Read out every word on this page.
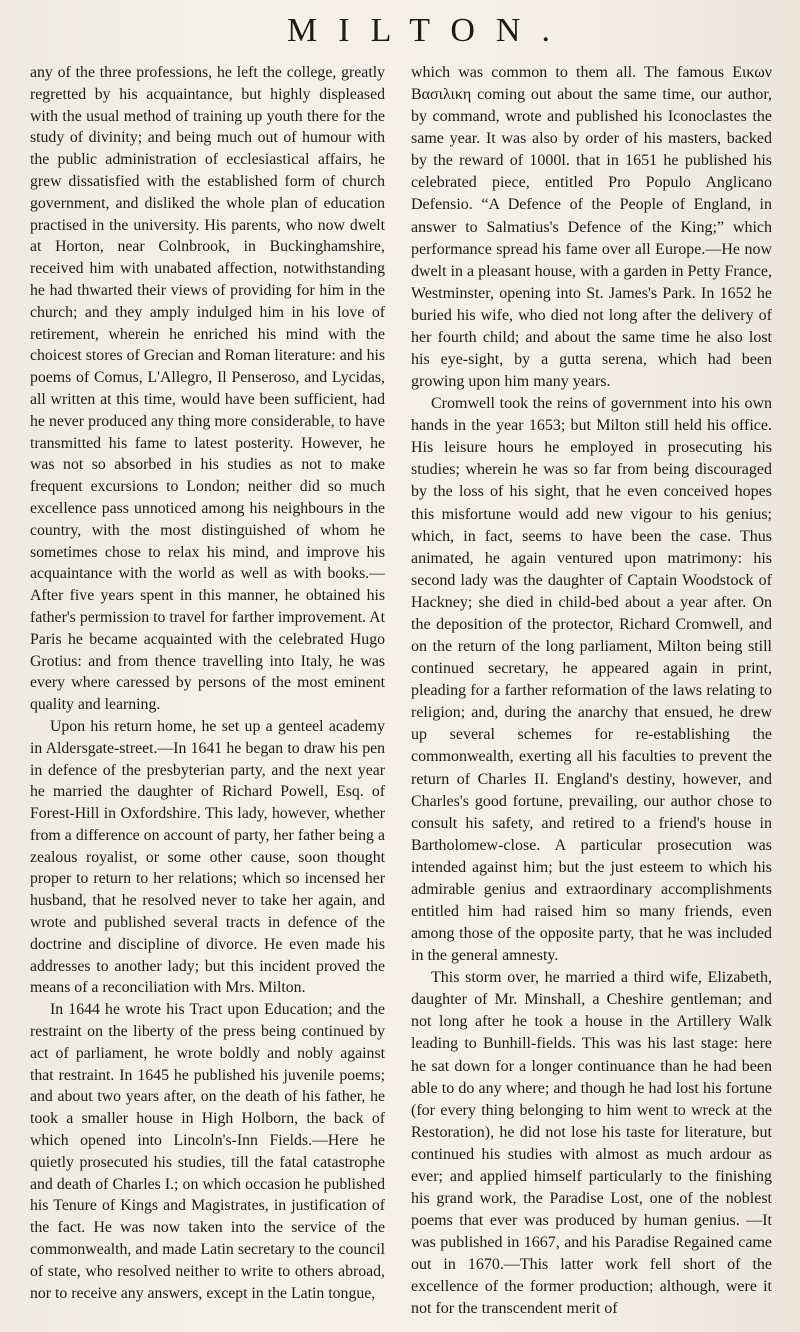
MILTON.

any of the three professions, he left the college, greatly regretted by his acquaintance, but highly displeased with the usual method of training up youth there for the study of divinity; and being much out of humour with the public administration of ecclesiastical affairs, he grew dissatisfied with the established form of church government, and disliked the whole plan of education practised in the university. His parents, who now dwelt at Horton, near Colnbrook, in Buckinghamshire, received him with unabated affection, notwithstanding he had thwarted their views of providing for him in the church; and they amply indulged him in his love of retirement, wherein he enriched his mind with the choicest stores of Grecian and Roman literature: and his poems of Comus, L'Allegro, Il Penseroso, and Lycidas, all written at this time, would have been sufficient, had he never produced any thing more considerable, to have transmitted his fame to latest posterity. However, he was not so absorbed in his studies as not to make frequent excursions to London; neither did so much excellence pass unnoticed among his neighbours in the country, with the most distinguished of whom he sometimes chose to relax his mind, and improve his acquaintance with the world as well as with books.—After five years spent in this manner, he obtained his father's permission to travel for farther improvement. At Paris he became acquainted with the celebrated Hugo Grotius: and from thence travelling into Italy, he was every where caressed by persons of the most eminent quality and learning.

Upon his return home, he set up a genteel academy in Aldersgate-street.—In 1641 he began to draw his pen in defence of the presbyterian party, and the next year he married the daughter of Richard Powell, Esq. of Forest-Hill in Oxfordshire. This lady, however, whether from a difference on account of party, her father being a zealous royalist, or some other cause, soon thought proper to return to her relations; which so incensed her husband, that he resolved never to take her again, and wrote and published several tracts in defence of the doctrine and discipline of divorce. He even made his addresses to another lady; but this incident proved the means of a reconciliation with Mrs. Milton.

In 1644 he wrote his Tract upon Education; and the restraint on the liberty of the press being continued by act of parliament, he wrote boldly and nobly against that restraint. In 1645 he published his juvenile poems; and about two years after, on the death of his father, he took a smaller house in High Holborn, the back of which opened into Lincoln's-Inn Fields.—Here he quietly prosecuted his studies, till the fatal catastrophe and death of Charles I.; on which occasion he published his Tenure of Kings and Magistrates, in justification of the fact. He was now taken into the service of the commonwealth, and made Latin secretary to the council of state, who resolved neither to write to others abroad, nor to receive any answers, except in the Latin tongue,

which was common to them all. The famous Εικων Βασιλικη coming out about the same time, our author, by command, wrote and published his Iconoclastes the same year. It was also by order of his masters, backed by the reward of 1000l. that in 1651 he published his celebrated piece, entitled Pro Populo Anglicano Defensio. “A Defence of the People of England, in answer to Salmatius's Defence of the King;” which performance spread his fame over all Europe.—He now dwelt in a pleasant house, with a garden in Petty France, Westminster, opening into St. James's Park. In 1652 he buried his wife, who died not long after the delivery of her fourth child; and about the same time he also lost his eye-sight, by a gutta serena, which had been growing upon him many years.

Cromwell took the reins of government into his own hands in the year 1653; but Milton still held his office. His leisure hours he employed in prosecuting his studies; wherein he was so far from being discouraged by the loss of his sight, that he even conceived hopes this misfortune would add new vigour to his genius; which, in fact, seems to have been the case. Thus animated, he again ventured upon matrimony: his second lady was the daughter of Captain Woodstock of Hackney; she died in child-bed about a year after. On the deposition of the protector, Richard Cromwell, and on the return of the long parliament, Milton being still continued secretary, he appeared again in print, pleading for a farther reformation of the laws relating to religion; and, during the anarchy that ensued, he drew up several schemes for re-establishing the commonwealth, exerting all his faculties to prevent the return of Charles II. England's destiny, however, and Charles's good fortune, prevailing, our author chose to consult his safety, and retired to a friend's house in Bartholomew-close. A particular prosecution was intended against him; but the just esteem to which his admirable genius and extraordinary accomplishments entitled him had raised him so many friends, even among those of the opposite party, that he was included in the general amnesty.

This storm over, he married a third wife, Elizabeth, daughter of Mr. Minshall, a Cheshire gentleman; and not long after he took a house in the Artillery Walk leading to Bunhill-fields. This was his last stage: here he sat down for a longer continuance than he had been able to do any where; and though he had lost his fortune (for every thing belonging to him went to wreck at the Restoration), he did not lose his taste for literature, but continued his studies with almost as much ardour as ever; and applied himself particularly to the finishing his grand work, the Paradise Lost, one of the noblest poems that ever was produced by human genius. —It was published in 1667, and his Paradise Regained came out in 1670.—This latter work fell short of the excellence of the former production; although, were it not for the transcendent merit of
